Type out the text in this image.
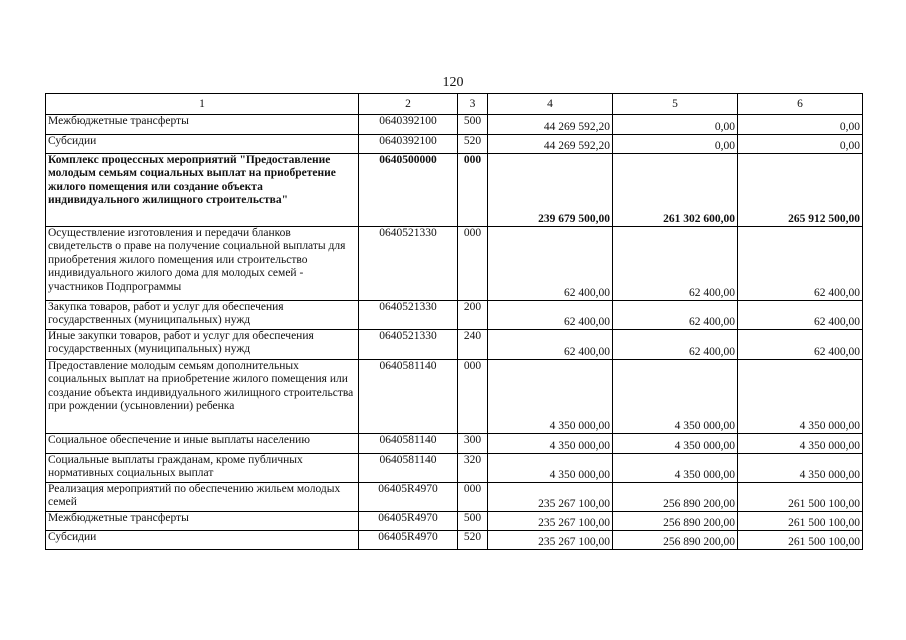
120
1	2	3	4	5	6
Межбюджетные трансферты	0640392100	500	44 269 592,20	0,00	0,00
Субсидии	0640392100	520	44 269 592,20	0,00	0,00
Комплекс процессных мероприятий "Предоставление молодым семьям социальных выплат на приобретение жилого помещения или создание объекта индивидуального жилищного строительства"	0640500000	000	239 679 500,00	261 302 600,00	265 912 500,00
Осуществление изготовления и передачи бланков свидетельств о праве на получение социальной выплаты для приобретения жилого помещения или строительство индивидуального жилого дома для молодых семей - участников Подпрограммы	0640521330	000	62 400,00	62 400,00	62 400,00
Закупка товаров, работ и услуг для обеспечения государственных (муниципальных) нужд	0640521330	200	62 400,00	62 400,00	62 400,00
Иные закупки товаров, работ и услуг для обеспечения государственных (муниципальных) нужд	0640521330	240	62 400,00	62 400,00	62 400,00
Предоставление молодым семьям дополнительных социальных выплат на приобретение жилого помещения или создание объекта индивидуального жилищного строительства при рождении (усыновлении) ребенка	0640581140	000	4 350 000,00	4 350 000,00	4 350 000,00
Социальное обеспечение и иные выплаты населению	0640581140	300	4 350 000,00	4 350 000,00	4 350 000,00
Социальные выплаты гражданам, кроме публичных нормативных социальных выплат	0640581140	320	4 350 000,00	4 350 000,00	4 350 000,00
Реализация мероприятий по обеспечению жильем молодых семей	06405R4970	000	235 267 100,00	256 890 200,00	261 500 100,00
Межбюджетные трансферты	06405R4970	500	235 267 100,00	256 890 200,00	261 500 100,00
Субсидии	06405R4970	520	235 267 100,00	256 890 200,00	261 500 100,00
